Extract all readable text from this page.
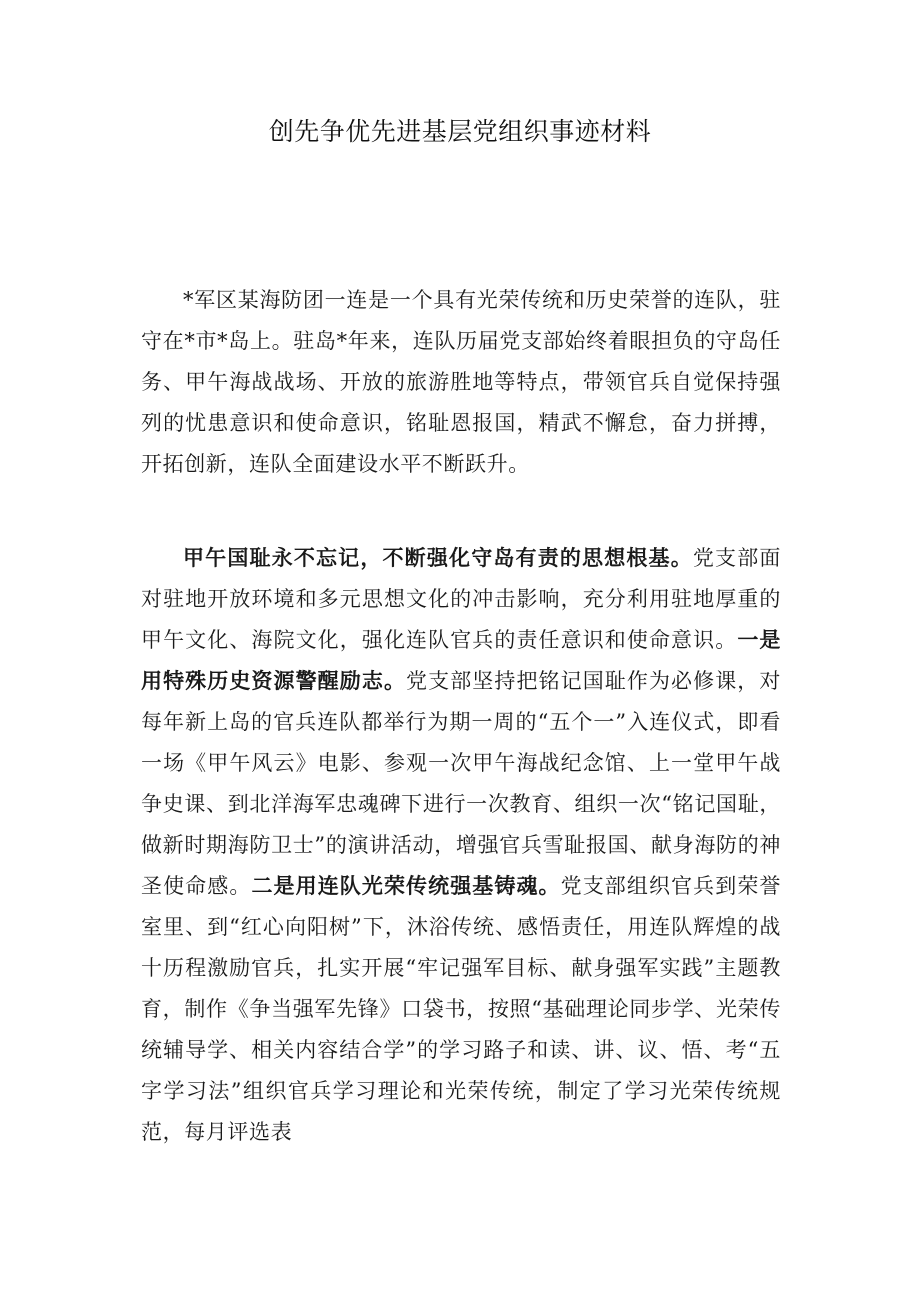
创先争优先进基层党组织事迹材料

*军区某海防团一连是一个具有光荣传统和历史荣誉的连队，驻守在*市*岛上。驻岛*年来，连队历届党支部始终着眼担负的守岛任务、甲午海战战场、开放的旅游胜地等特点，带领官兵自觉保持强列的忧患意识和使命意识，铭耻恩报国，精武不懈怠，奋力拼搏，开拓创新，连队全面建设水平不断跃升。

甲午国耻永不忘记，不断强化守岛有责的思想根基。党支部面对驻地开放环境和多元思想文化的冲击影响，充分利用驻地厚重的甲午文化、海院文化，强化连队官兵的责任意识和使命意识。一是用特殊历史资源警醒励志。党支部坚持把铭记国耻作为必修课，对每年新上岛的官兵连队都举行为期一周的“五个一”入连仪式，即看一场《甲午风云》电影、参观一次甲午海战纪念馆、上一堂甲午战争史课、到北洋海军忠魂碑下进行一次教育、组织一次“铭记国耻，做新时期海防卫士”的演讲活动，增强官兵雪耻报国、献身海防的神圣使命感。二是用连队光荣传统强基铸魂。党支部组织官兵到荣誉室里、到“红心向阳树”下，沐浴传统、感悟责任，用连队辉煌的战十历程激励官兵，扎实开展“牢记强军目标、献身强军实践”主题教育，制作《争当强军先锋》口袋书，按照“基础理论同步学、光荣传统辅导学、相关内容结合学”的学习路子和读、讲、议、悟、考“五字学习法”组织官兵学习理论和光荣传统，制定了学习光荣传统规范，每月评选表
